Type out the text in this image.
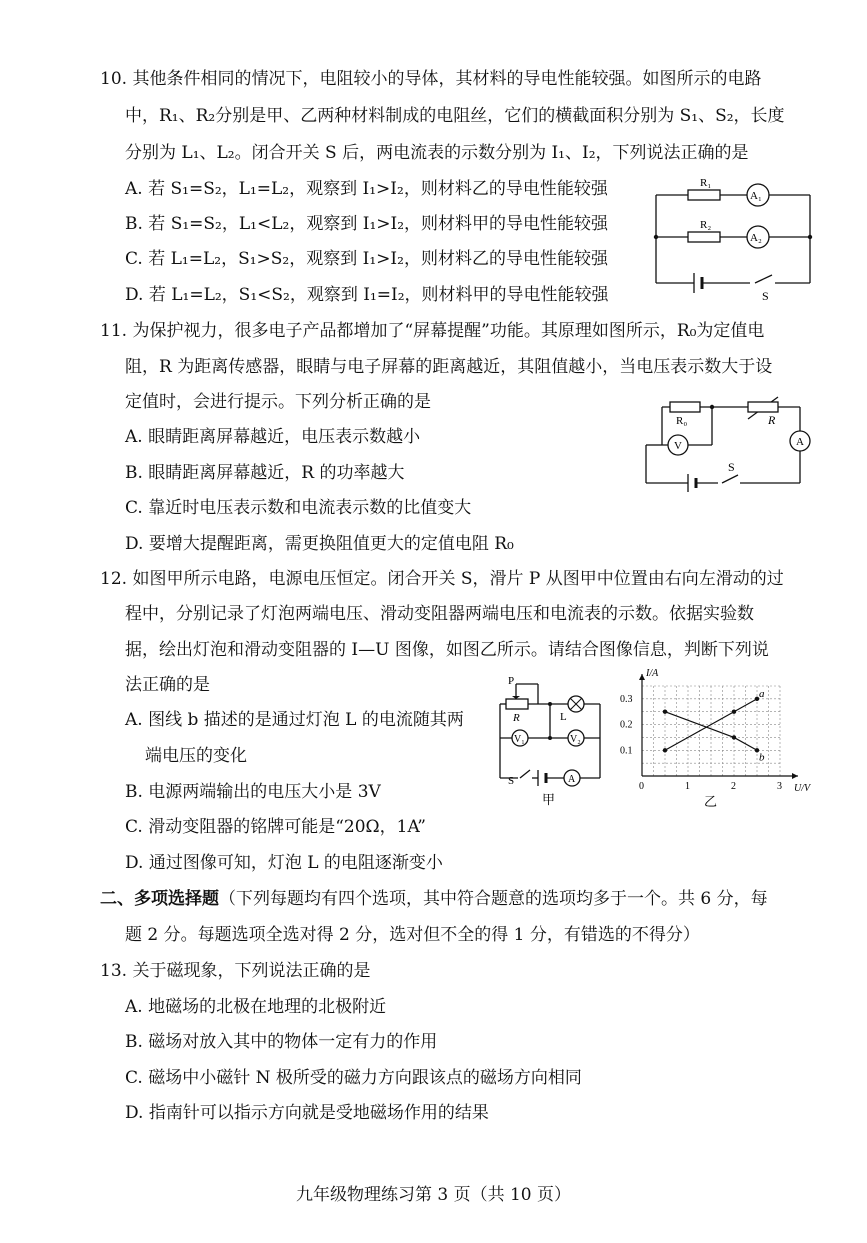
10. 其他条件相同的情况下，电阻较小的导体，其材料的导电性能较强。如图所示的电路
中，R₁、R₂分别是甲、乙两种材料制成的电阻丝，它们的横截面积分别为 S₁、S₂，长度
分别为 L₁、L₂。闭合开关 S 后，两电流表的示数分别为 I₁、I₂，下列说法正确的是
A. 若 S₁=S₂，L₁=L₂，观察到 I₁>I₂，则材料乙的导电性能较强
B. 若 S₁=S₂，L₁<L₂，观察到 I₁>I₂，则材料甲的导电性能较强
C. 若 L₁=L₂，S₁>S₂，观察到 I₁>I₂，则材料乙的导电性能较强
D. 若 L₁=L₂，S₁<S₂，观察到 I₁=I₂，则材料甲的导电性能较强
R₁
R₂
A₁
A₂
S
11. 为保护视力，很多电子产品都增加了“屏幕提醒”功能。其原理如图所示，R₀为定值电
阻，R 为距离传感器，眼睛与电子屏幕的距离越近，其阻值越小，当电压表示数大于设
定值时，会进行提示。下列分析正确的是
A. 眼睛距离屏幕越近，电压表示数越小
B. 眼睛距离屏幕越近，R 的功率越大
C. 靠近时电压表示数和电流表示数的比值变大
D. 要增大提醒距离，需更换阻值更大的定值电阻 R₀
R₀	R
V	A
S
12. 如图甲所示电路，电源电压恒定。闭合开关 S，滑片 P 从图甲中位置由右向左滑动的过
程中，分别记录了灯泡两端电压、滑动变阻器两端电压和电流表的示数。依据实验数
据，绘出灯泡和滑动变阻器的 I—U 图像，如图乙所示。请结合图像信息，判断下列说
法正确的是
A. 图线 b 描述的是通过灯泡 L 的电流随其两
端电压的变化
B. 电源两端输出的电压大小是 3V
C. 滑动变阻器的铭牌可能是“20Ω，1A”
D. 通过图像可知，灯泡 L 的电阻逐渐变小
P
R	L
V₁	V₂
A
S
甲
0	1	2	3
0.1
0.2
0.3
U/V
I/A
a
b
乙
二、多项选择题（下列每题均有四个选项，其中符合题意的选项均多于一个。共 6 分，每
题 2 分。每题选项全选对得 2 分，选对但不全的得 1 分，有错选的不得分）
13. 关于磁现象，下列说法正确的是
A. 地磁场的北极在地理的北极附近
B. 磁场对放入其中的物体一定有力的作用
C. 磁场中小磁针 N 极所受的磁力方向跟该点的磁场方向相同
D. 指南针可以指示方向就是受地磁场作用的结果
九年级物理练习第 3 页（共 10 页）
